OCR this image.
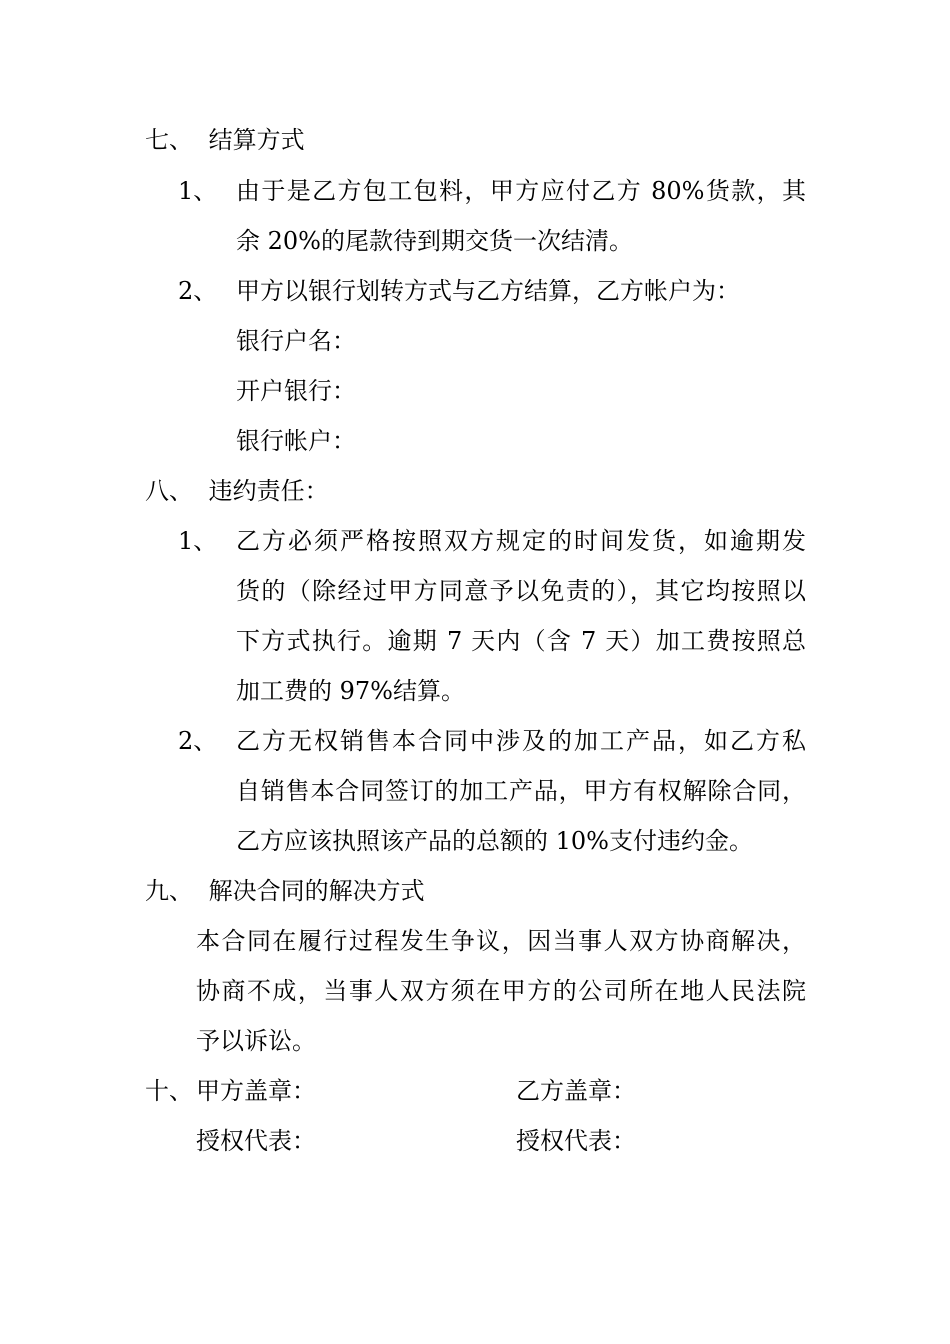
七、 结算方式
1、 由于是乙方包工包料，甲方应付乙方 80%货款，其
余 20%的尾款待到期交货一次结清。
2、 甲方以银行划转方式与乙方结算，乙方帐户为：
银行户名：
开户银行：
银行帐户：
八、 违约责任：
1、 乙方必须严格按照双方规定的时间发货，如逾期发
货的（除经过甲方同意予以免责的），其它均按照以
下方式执行。逾期 7 天内（含 7 天）加工费按照总
加工费的 97%结算。
2、 乙方无权销售本合同中涉及的加工产品，如乙方私
自销售本合同签订的加工产品，甲方有权解除合同，
乙方应该执照该产品的总额的 10%支付违约金。
九、 解决合同的解决方式
本合同在履行过程发生争议，因当事人双方协商解决，
协商不成，当事人双方须在甲方的公司所在地人民法院
予以诉讼。
十、 甲方盖章：	乙方盖章：
授权代表：	授权代表：
